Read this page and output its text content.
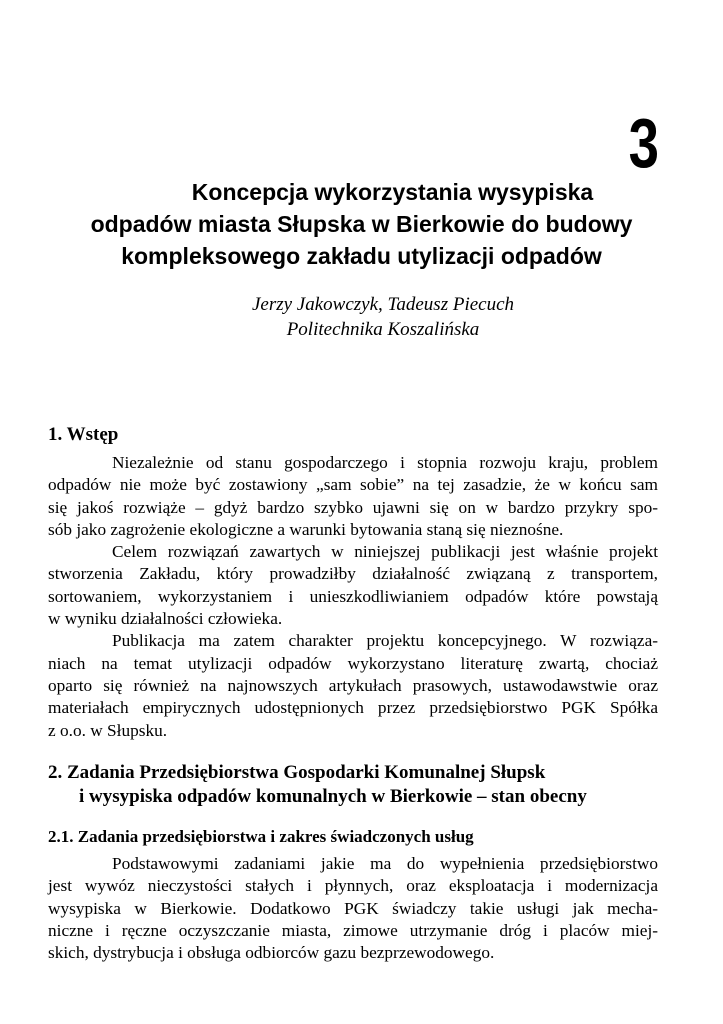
3
Koncepcja wykorzystania wysypiska
odpadów miasta Słupska w Bierkowie do budowy
kompleksowego zakładu utylizacji odpadów
Jerzy Jakowczyk, Tadeusz Piecuch
Politechnika Koszalińska
1. Wstęp

Niezależnie od stanu gospodarczego i stopnia rozwoju kraju, problem
odpadów nie może być zostawiony „sam sobie” na tej zasadzie, że w końcu sam
się jakoś rozwiąże – gdyż bardzo szybko ujawni się on w bardzo przykry spo-
sób jako zagrożenie ekologiczne a warunki bytowania staną się nieznośne.

Celem rozwiązań zawartych w niniejszej publikacji jest właśnie projekt
stworzenia Zakładu, który prowadziłby działalność związaną z transportem,
sortowaniem, wykorzystaniem i unieszkodliwianiem odpadów które powstają
w wyniku działalności człowieka.

Publikacja ma zatem charakter projektu koncepcyjnego. W rozwiąza-
niach na temat utylizacji odpadów wykorzystano literaturę zwartą, chociaż
oparto się również na najnowszych artykułach prasowych, ustawodawstwie oraz
materiałach empirycznych udostępnionych przez przedsiębiorstwo PGK Spółka
z o.o. w Słupsku.

2. Zadania Przedsiębiorstwa Gospodarki Komunalnej Słupsk
i wysypiska odpadów komunalnych w Bierkowie – stan obecny
2.1. Zadania przedsiębiorstwa i zakres świadczonych usług

Podstawowymi zadaniami jakie ma do wypełnienia przedsiębiorstwo
jest wywóz nieczystości stałych i płynnych, oraz eksploatacja i modernizacja
wysypiska w Bierkowie. Dodatkowo PGK świadczy takie usługi jak mecha-
niczne i ręczne oczyszczanie miasta, zimowe utrzymanie dróg i placów miej-
skich, dystrybucja i obsługa odbiorców gazu bezprzewodowego.
